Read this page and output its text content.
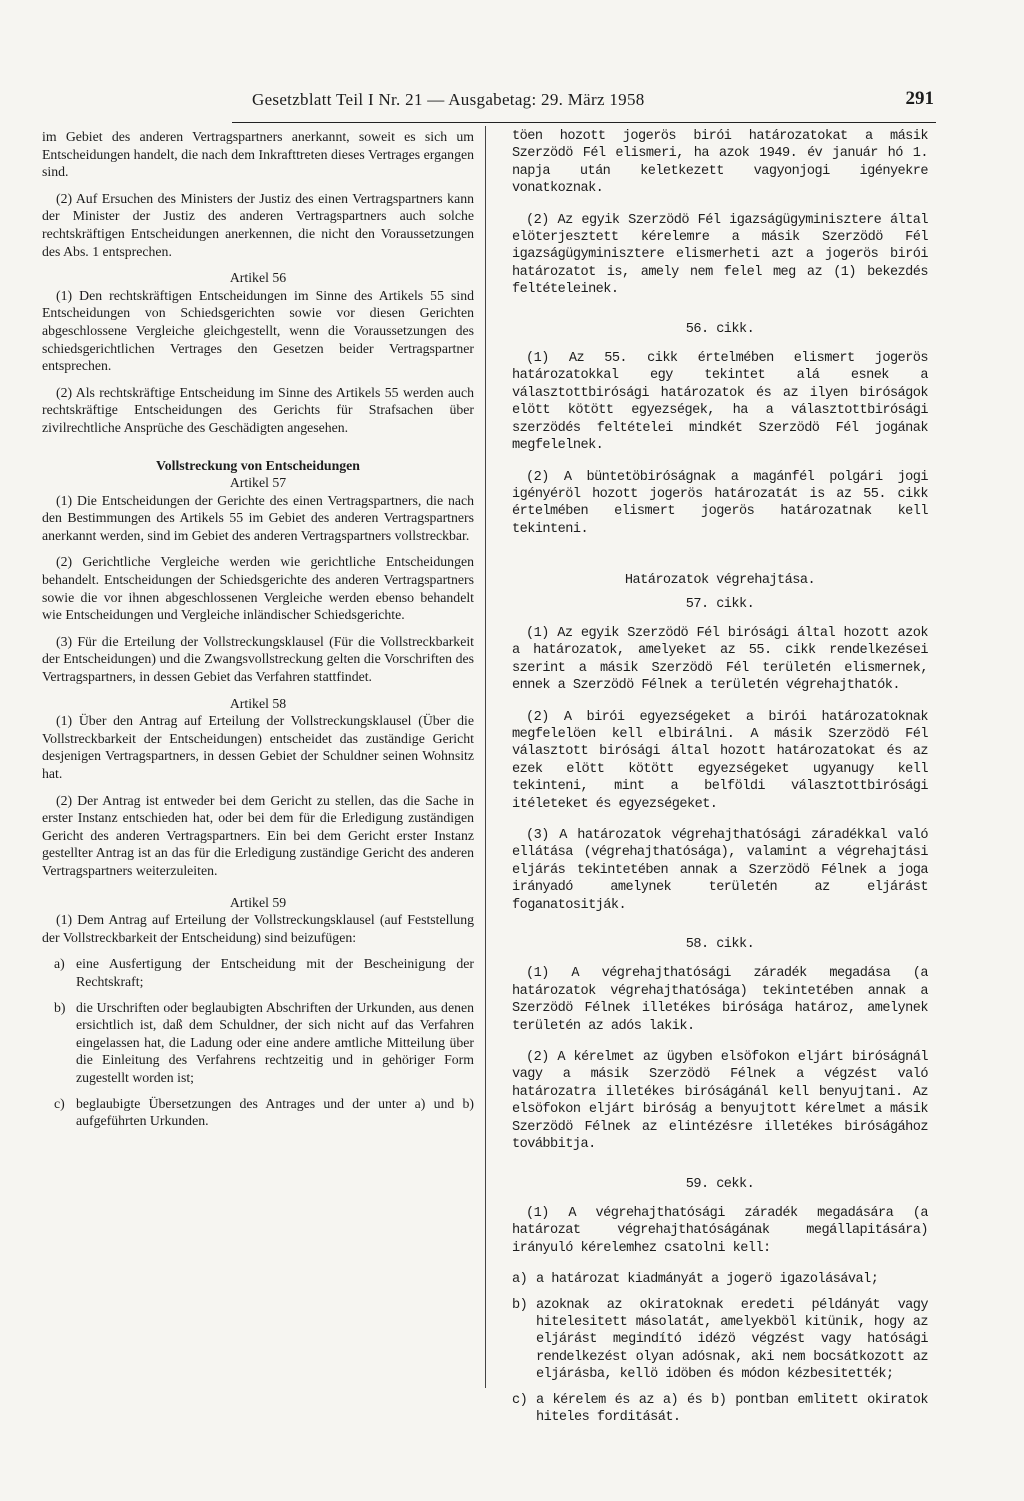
Gesetzblatt Teil I Nr. 21 — Ausgabetag: 29. März 1958	291

im Gebiet des anderen Vertragspartners anerkannt, soweit es sich um Entscheidungen handelt, die nach dem Inkrafttreten dieses Vertrages ergangen sind.

(2) Auf Ersuchen des Ministers der Justiz des einen Vertragspartners kann der Minister der Justiz des anderen Vertragspartners auch solche rechtskräftigen Entscheidungen anerkennen, die nicht den Voraussetzungen des Abs. 1 entsprechen.

Artikel 56

(1) Den rechtskräftigen Entscheidungen im Sinne des Artikels 55 sind Entscheidungen von Schiedsgerichten sowie vor diesen Gerichten abgeschlossene Vergleiche gleichgestellt, wenn die Voraussetzungen des schiedsgerichtlichen Vertrages den Gesetzen beider Vertragspartner entsprechen.

(2) Als rechtskräftige Entscheidung im Sinne des Artikels 55 werden auch rechtskräftige Entscheidungen des Gerichts für Strafsachen über zivilrechtliche Ansprüche des Geschädigten angesehen.

Vollstreckung von Entscheidungen
Artikel 57

(1) Die Entscheidungen der Gerichte des einen Vertragspartners, die nach den Bestimmungen des Artikels 55 im Gebiet des anderen Vertragspartners anerkannt werden, sind im Gebiet des anderen Vertragspartners vollstreckbar.

(2) Gerichtliche Vergleiche werden wie gerichtliche Entscheidungen behandelt. Entscheidungen der Schiedsgerichte des anderen Vertragspartners sowie die vor ihnen abgeschlossenen Vergleiche werden ebenso behandelt wie Entscheidungen und Vergleiche inländischer Schiedsgerichte.

(3) Für die Erteilung der Vollstreckungsklausel (Für die Vollstreckbarkeit der Entscheidungen) und die Zwangsvollstreckung gelten die Vorschriften des Vertragspartners, in dessen Gebiet das Verfahren stattfindet.

Artikel 58

(1) Über den Antrag auf Erteilung der Vollstreckungsklausel (Über die Vollstreckbarkeit der Entscheidungen) entscheidet das zuständige Gericht desjenigen Vertragspartners, in dessen Gebiet der Schuldner seinen Wohnsitz hat.

(2) Der Antrag ist entweder bei dem Gericht zu stellen, das die Sache in erster Instanz entschieden hat, oder bei dem für die Erledigung zuständigen Gericht des anderen Vertragspartners. Ein bei dem Gericht erster Instanz gestellter Antrag ist an das für die Erledigung zuständige Gericht des anderen Vertragspartners weiterzuleiten.

Artikel 59

(1) Dem Antrag auf Erteilung der Vollstreckungsklausel (auf Feststellung der Vollstreckbarkeit der Entscheidung) sind beizufügen:

a) eine Ausfertigung der Entscheidung mit der Bescheinigung der Rechtskraft;
b) die Urschriften oder beglaubigten Abschriften der Urkunden, aus denen ersichtlich ist, daß dem Schuldner, der sich nicht auf das Verfahren eingelassen hat, die Ladung oder eine andere amtliche Mitteilung über die Einleitung des Verfahrens rechtzeitig und in gehöriger Form zugestellt worden ist;
c) beglaubigte Übersetzungen des Antrages und der unter a) und b) aufgeführten Urkunden.

töen hozott jogerös birói határozatokat a másik Szerzödö Fél elismeri, ha azok 1949. év január hó 1. napja után keletkezett vagyonjogi igényekre vonatkoznak.

(2) Az egyik Szerzödö Fél igazságügyminisztere által elöterjesztett kérelemre a másik Szerzödö Fél igazságügyminisztere elismerheti azt a jogerös birói határozatot is, amely nem felel meg az (1) bekezdés feltételeinek.

56. cikk.

(1) Az 55. cikk értelmében elismert jogerös határozatokkal egy tekintet alá esnek a választottbirósági határozatok és az ilyen biróságok elött kötött egyezségek, ha a választottbirósági szerzödés feltételei mindkét Szerzödö Fél jogának megfelelnek.

(2) A büntetöbiróságnak a magánfél polgári jogi igényéröl hozott jogerös határozatát is az 55. cikk értelmében elismert jogerös határozatnak kell tekinteni.

Határozatok végrehajtása.
57. cikk.

(1) Az egyik Szerzödö Fél birósági által hozott azok a határozatok, amelyeket az 55. cikk rendelkezései szerint a másik Szerzödö Fél területén elismernek, ennek a Szerzödö Félnek a területén végrehajthatók.

(2) A birói egyezségeket a birói határozatoknak megfelelöen kell elbirálni. A másik Szerzödö Fél választott birósági által hozott határozatokat és az ezek elött kötött egyezségeket ugyanugy kell tekinteni, mint a belföldi választottbirósági itéleteket és egyezségeket.

(3) A határozatok végrehajthatósági záradékkal való ellátása (végrehajthatósága), valamint a végrehajtási eljárás tekintetében annak a Szerzödö Félnek a joga irányadó amelynek területén az eljárást foganatositják.

58. cikk.

(1) A végrehajthatósági záradék megadása (a határozatok végrehajthatósága) tekintetében annak a Szerzödö Félnek illetékes birósága határoz, amelynek területén az adós lakik.

(2) A kérelmet az ügyben elsöfokon eljárt biróságnál vagy a másik Szerzödö Félnek a végzést való határozatra illetékes biróságánál kell benyujtani. Az elsöfokon eljárt biróság a benyujtott kérelmet a másik Szerzödö Félnek az elintézésre illetékes biróságához továbbitja.

59. cekk.

(1) A végrehajthatósági záradék megadására (a határozat végrehajthatóságának megállapitására) irányuló kérelemhez csatolni kell:

a) a határozat kiadmányát a jogerö igazolásával;
b) azoknak az okiratoknak eredeti példányát vagy hitelesitett másolatát, amelyekböl kitünik, hogy az eljárást megindító idézö végzést vagy hatósági rendelkezést olyan adósnak, aki nem bocsátkozott az eljárásba, kellö idöben és módon kézbesitették;
c) a kérelem és az a) és b) pontban emlitett okiratok hiteles forditását.
